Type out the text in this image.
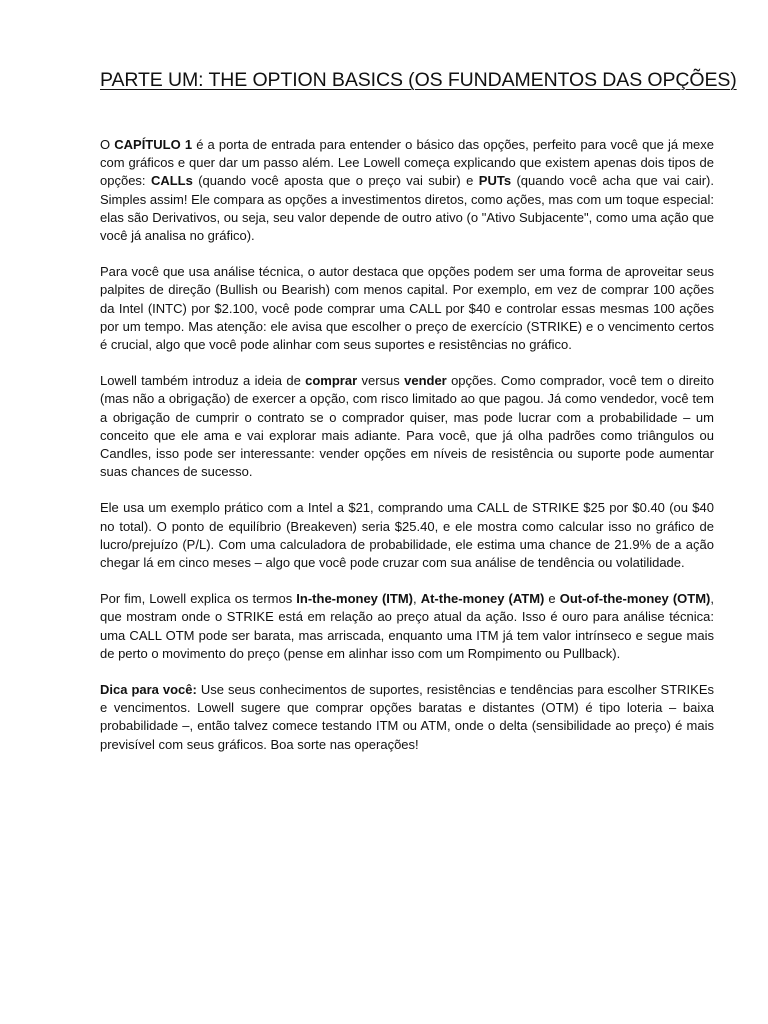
PARTE UM: THE OPTION BASICS (OS FUNDAMENTOS DAS OPÇÕES)

O CAPÍTULO 1 é a porta de entrada para entender o básico das opções, perfeito para você que já mexe com gráficos e quer dar um passo além. Lee Lowell começa explicando que existem apenas dois tipos de opções: CALLs (quando você aposta que o preço vai subir) e PUTs (quando você acha que vai cair). Simples assim! Ele compara as opções a investimentos diretos, como ações, mas com um toque especial: elas são Derivativos, ou seja, seu valor depende de outro ativo (o "Ativo Subjacente", como uma ação que você já analisa no gráfico).

Para você que usa análise técnica, o autor destaca que opções podem ser uma forma de aproveitar seus palpites de direção (Bullish ou Bearish) com menos capital. Por exemplo, em vez de comprar 100 ações da Intel (INTC) por $2.100, você pode comprar uma CALL por $40 e controlar essas mesmas 100 ações por um tempo. Mas atenção: ele avisa que escolher o preço de exercício (STRIKE) e o vencimento certos é crucial, algo que você pode alinhar com seus suportes e resistências no gráfico.

Lowell também introduz a ideia de comprar versus vender opções. Como comprador, você tem o direito (mas não a obrigação) de exercer a opção, com risco limitado ao que pagou. Já como vendedor, você tem a obrigação de cumprir o contrato se o comprador quiser, mas pode lucrar com a probabilidade – um conceito que ele ama e vai explorar mais adiante. Para você, que já olha padrões como triângulos ou Candles, isso pode ser interessante: vender opções em níveis de resistência ou suporte pode aumentar suas chances de sucesso.

Ele usa um exemplo prático com a Intel a $21, comprando uma CALL de STRIKE $25 por $0.40 (ou $40 no total). O ponto de equilíbrio (Breakeven) seria $25.40, e ele mostra como calcular isso no gráfico de lucro/prejuízo (P/L). Com uma calculadora de probabilidade, ele estima uma chance de 21.9% de a ação chegar lá em cinco meses – algo que você pode cruzar com sua análise de tendência ou volatilidade.

Por fim, Lowell explica os termos In-the-money (ITM), At-the-money (ATM) e Out-of-the-money (OTM), que mostram onde o STRIKE está em relação ao preço atual da ação. Isso é ouro para análise técnica: uma CALL OTM pode ser barata, mas arriscada, enquanto uma ITM já tem valor intrínseco e segue mais de perto o movimento do preço (pense em alinhar isso com um Rompimento ou Pullback).

Dica para você: Use seus conhecimentos de suportes, resistências e tendências para escolher STRIKEs e vencimentos. Lowell sugere que comprar opções baratas e distantes (OTM) é tipo loteria – baixa probabilidade –, então talvez comece testando ITM ou ATM, onde o delta (sensibilidade ao preço) é mais previsível com seus gráficos. Boa sorte nas operações!
